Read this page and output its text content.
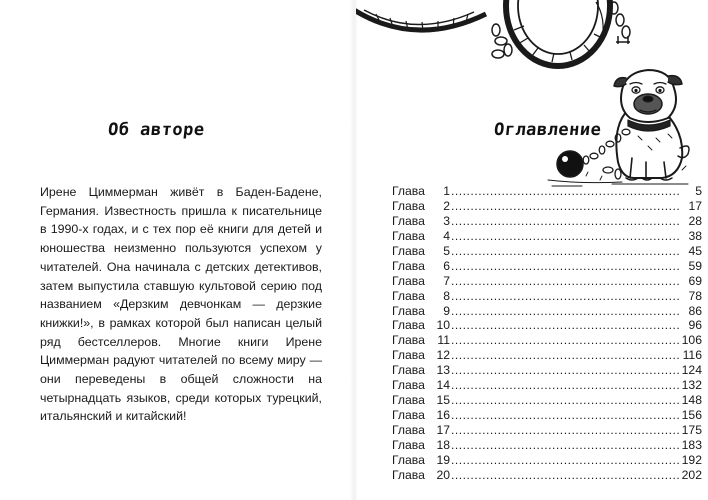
Об авторе

Ирене Циммерман живёт в Баден-Бадене, Германия. Известность пришла к писательнице в 1990-х годах, и с тех пор её книги для детей и юношества неизменно пользуются успехом у читателей. Она начинала с детских детективов, затем выпустила ставшую культовой серию под названием «Дерзким девчонкам — дерзкие книжки!», в рамках которой был написан целый ряд бестселлеров. Многие книги Ирене Циммерман радуют читателей по всему миру — они переведены в общей сложности на четырнадцать языков, среди которых турецкий, итальянский и китайский!

Оглавление
Глава	1 .....	5
Глава	2 .....	17
Глава	3 .....	28
Глава	4 .....	38
Глава	5 .....	45
Глава	6 .....	59
Глава	7 .....	69
Глава	8 .....	78
Глава	9 .....	86
Глава 10 .....	96
Глава	11 .....	106
Глава 12 .....	116
Глава 13 .....	124
Глава 14 .....	132
Глава 15 .....	148
Глава 16 .....	156
Глава 17 .....	175
Глава 18 .....	183
Глава 19 .....	192
Глава 20 .....	202
